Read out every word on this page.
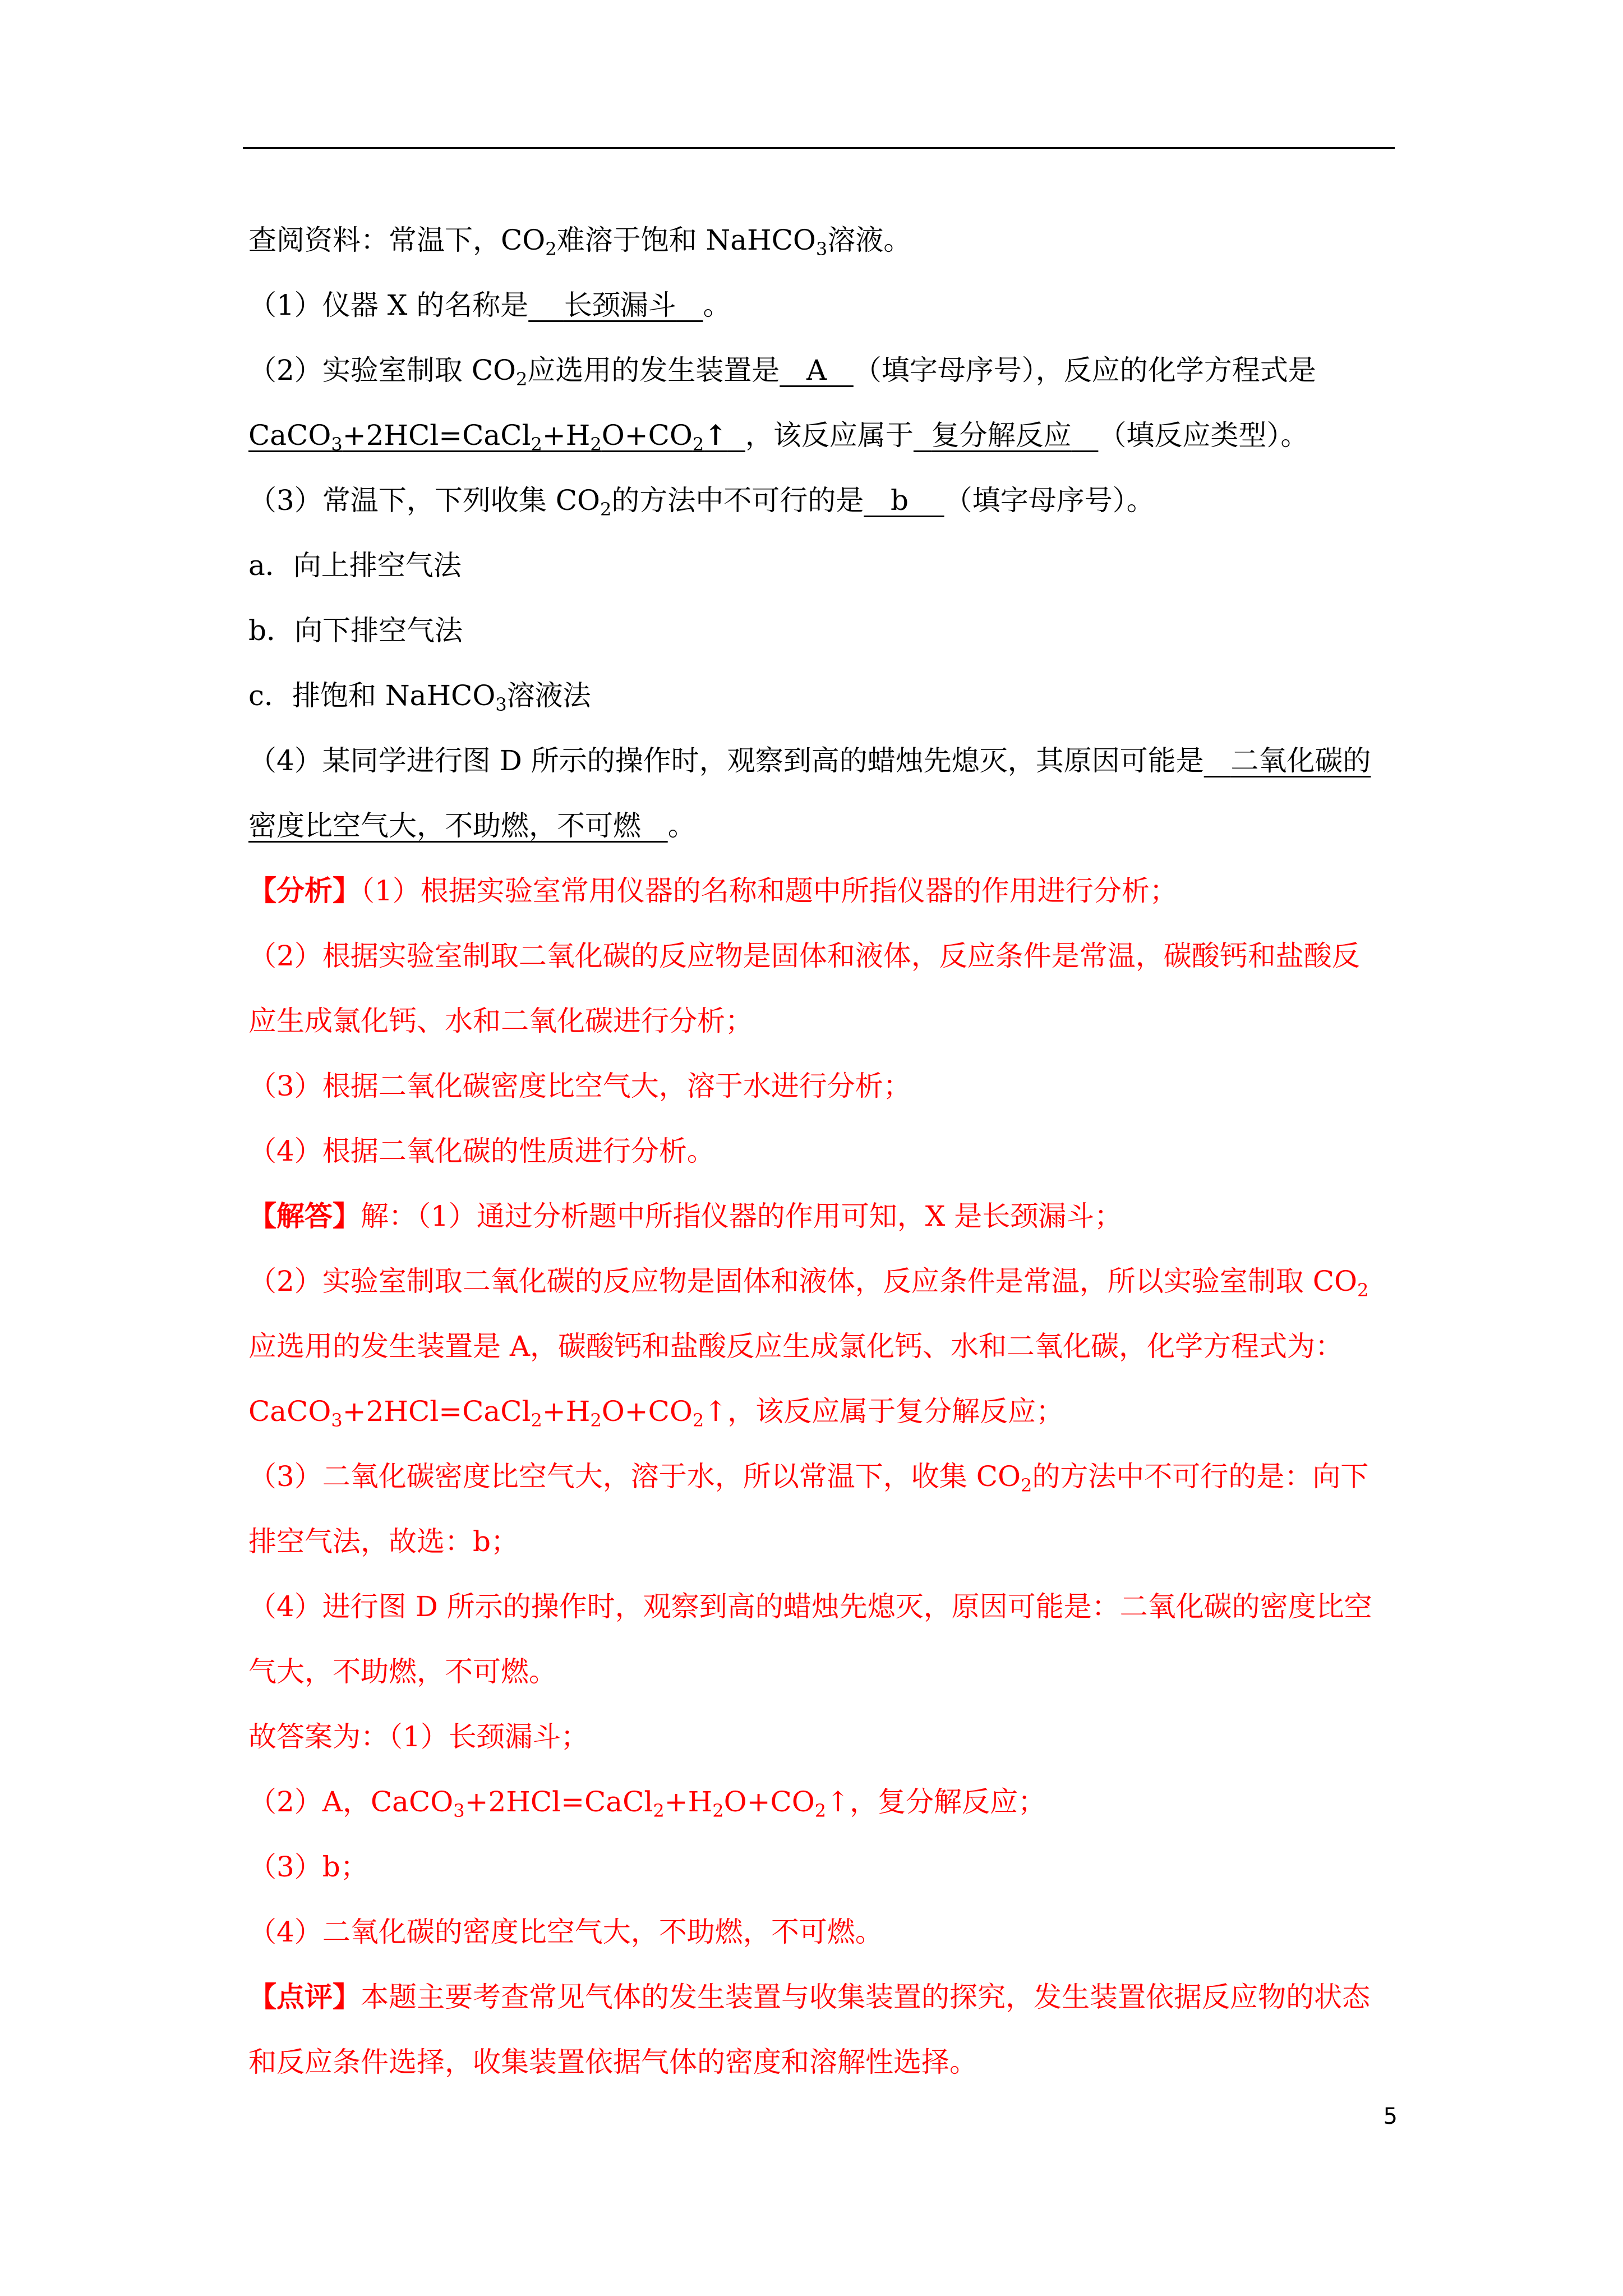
查阅资料：常温下，$CO_2$难溶于饱和 NaHCO$_3$溶液。

（1）仪器 X 的名称是 长颈漏斗 。

（2）实验室制取 $CO_2$应选用的发生装置是 A （填字母序号），反应的化学方程式是

$CaCO_3+2HCl=CaCl_2+H_2O+CO_2↑$ ，该反应属于 复分解反应 （填反应类型）。

（3）常温下，下列收集 $CO_2$的方法中不可行的是 b （填字母序号）。

a．向上排空气法

b．向下排空气法

c．排饱和 NaHCO$_3$溶液法

（4）某同学进行图 D 所示的操作时，观察到高的蜡烛先熄灭，其原因可能是 二氧化碳的

密度比空气大，不助燃，不可燃 。

【分析】（1）根据实验室常用仪器的名称和题中所指仪器的作用进行分析；

（2）根据实验室制取二氧化碳的反应物是固体和液体，反应条件是常温，碳酸钙和盐酸反

应生成氯化钙、水和二氧化碳进行分析；

（3）根据二氧化碳密度比空气大，溶于水进行分析；

（4）根据二氧化碳的性质进行分析。

【解答】解：（1）通过分析题中所指仪器的作用可知，X 是长颈漏斗；

（2）实验室制取二氧化碳的反应物是固体和液体，反应条件是常温，所以实验室制取 $CO_2$

应选用的发生装置是 A，碳酸钙和盐酸反应生成氯化钙、水和二氧化碳，化学方程式为：

$CaCO_3+2HCl=CaCl_2+H_2O+CO_2↑$，该反应属于复分解反应；

（3）二氧化碳密度比空气大，溶于水，所以常温下，收集 $CO_2$的方法中不可行的是：向下

排空气法，故选：b；

（4）进行图 D 所示的操作时，观察到高的蜡烛先熄灭，原因可能是：二氧化碳的密度比空

气大，不助燃，不可燃。

故答案为：（1）长颈漏斗；

（2）A，$CaCO_3+2HCl=CaCl_2+H_2O+CO_2↑$，复分解反应；

（3）b；

（4）二氧化碳的密度比空气大，不助燃，不可燃。

【点评】本题主要考查常见气体的发生装置与收集装置的探究，发生装置依据反应物的状态

和反应条件选择，收集装置依据气体的密度和溶解性选择。

5
